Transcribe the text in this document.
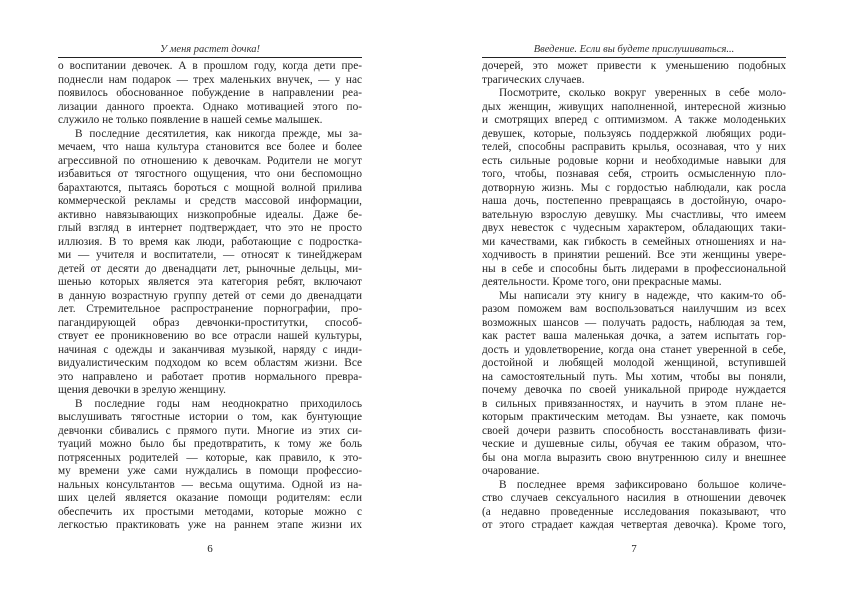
У меня растет дочка!
о воспитании девочек. А в прошлом году, когда дети пре-
поднесли нам подарок — трех маленьких внучек, — у нас
появилось обоснованное побуждение в направлении реа-
лизации данного проекта. Однако мотивацией этого по-
служило не только появление в нашей семье малышек.
В последние десятилетия, как никогда прежде, мы за-
мечаем, что наша культура становится все более и более
агрессивной по отношению к девочкам. Родители не могут
избавиться от тягостного ощущения, что они беспомощно
барахтаются, пытаясь бороться с мощной волной прилива
коммерческой рекламы и средств массовой информации,
активно навязывающих низкопробные идеалы. Даже бе-
глый взгляд в интернет подтверждает, что это не просто
иллюзия. В то время как люди, работающие с подростка-
ми — учителя и воспитатели, — относят к тинейджерам
детей от десяти до двенадцати лет, рыночные дельцы, ми-
шенью которых является эта категория ребят, включают
в данную возрастную группу детей от семи до двенадцати
лет. Стремительное распространение порнографии, про-
пагандирующей образ девчонки-проститутки, способ-
ствует ее проникновению во все отрасли нашей культуры,
начиная с одежды и заканчивая музыкой, наряду с инди-
видуалистическим подходом ко всем областям жизни. Все
это направлено и работает против нормального превра-
щения девочки в зрелую женщину.
В последние годы нам неоднократно приходилось
выслушивать тягостные истории о том, как бунтующие
девчонки сбивались с прямого пути. Многие из этих си-
туаций можно было бы предотвратить, к тому же боль
потрясенных родителей — которые, как правило, к это-
му времени уже сами нуждались в помощи профессио-
нальных консультантов — весьма ощутима. Одной из на-
ших целей является оказание помощи родителям: если
обеспечить их простыми методами, которые можно с
легкостью практиковать уже на раннем этапе жизни их
6
Введение. Если вы будете прислушиваться...
дочерей, это может привести к уменьшению подобных
трагических случаев.
Посмотрите, сколько вокруг уверенных в себе моло-
дых женщин, живущих наполненной, интересной жизнью
и смотрящих вперед с оптимизмом. А также молоденьких
девушек, которые, пользуясь поддержкой любящих роди-
телей, способны расправить крылья, осознавая, что у них
есть сильные родовые корни и необходимые навыки для
того, чтобы, познавая себя, строить осмысленную пло-
дотворную жизнь. Мы с гордостью наблюдали, как росла
наша дочь, постепенно превращаясь в достойную, очаро-
вательную взрослую девушку. Мы счастливы, что имеем
двух невесток с чудесным характером, обладающих таки-
ми качествами, как гибкость в семейных отношениях и на-
ходчивость в принятии решений. Все эти женщины увере-
ны в себе и способны быть лидерами в профессиональной
деятельности. Кроме того, они прекрасные мамы.
Мы написали эту книгу в надежде, что каким-то об-
разом поможем вам воспользоваться наилучшим из всех
возможных шансов — получать радость, наблюдая за тем,
как растет ваша маленькая дочка, а затем испытать гор-
дость и удовлетворение, когда она станет уверенной в себе,
достойной и любящей молодой женщиной, вступившей
на самостоятельный путь. Мы хотим, чтобы вы поняли,
почему девочка по своей уникальной природе нуждается
в сильных привязанностях, и научить в этом плане не-
которым практическим методам. Вы узнаете, как помочь
своей дочери развить способность восстанавливать физи-
ческие и душевные силы, обучая ее таким образом, что-
бы она могла выразить свою внутреннюю силу и внешнее
очарование.
В последнее время зафиксировано большое количе-
ство случаев сексуального насилия в отношении девочек
(а недавно проведенные исследования показывают, что
от этого страдает каждая четвертая девочка). Кроме того,
7
